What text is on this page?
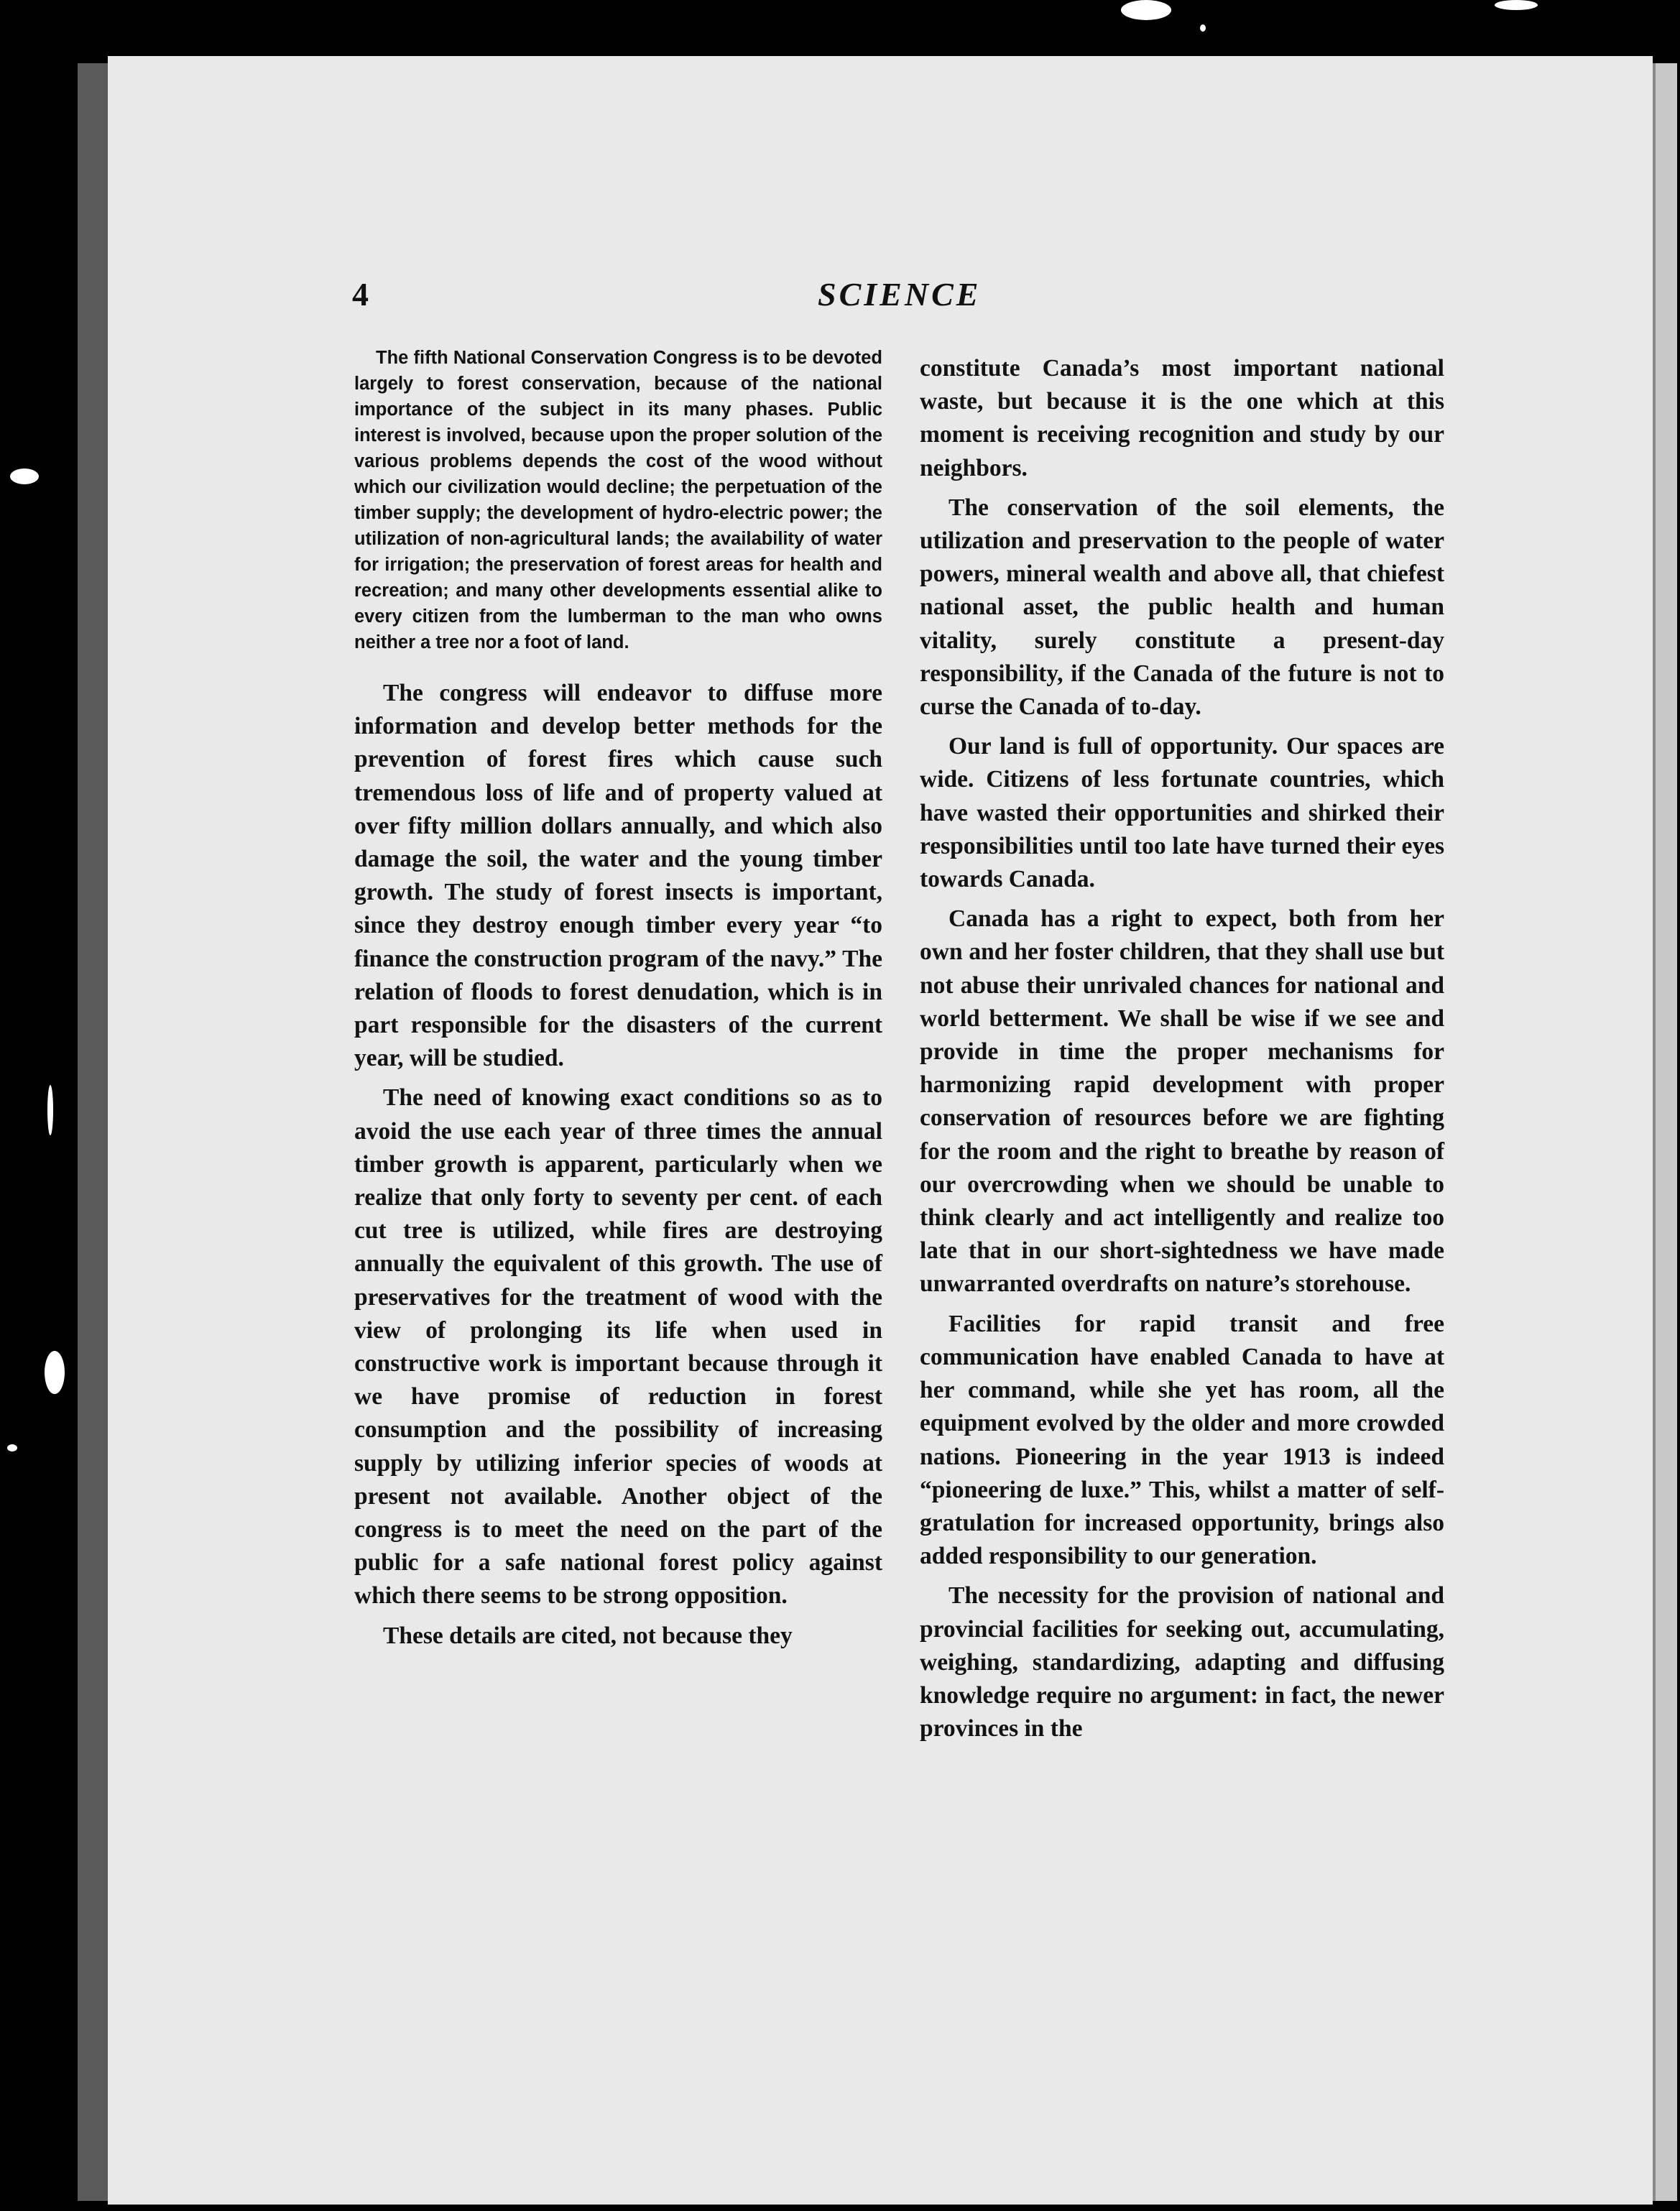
4	SCIENCE

The fifth National Conservation Congress is to be devoted largely to forest conservation, because of the national importance of the subject in its many phases. Public interest is involved, because upon the proper solution of the various problems depends the cost of the wood without which our civilization would decline; the perpetuation of the timber supply; the development of hydro-electric power; the utilization of non-agricultural lands; the availability of water for irrigation; the preservation of forest areas for health and recreation; and many other developments essential alike to every citizen from the lumberman to the man who owns neither a tree nor a foot of land.

The congress will endeavor to diffuse more information and develop better methods for the prevention of forest fires which cause such tremendous loss of life and of property valued at over fifty million dollars annually, and which also damage the soil, the water and the young timber growth. The study of forest insects is important, since they destroy enough timber every year “to finance the construction program of the navy.” The relation of floods to forest denudation, which is in part responsible for the disasters of the current year, will be studied.

The need of knowing exact conditions so as to avoid the use each year of three times the annual timber growth is apparent, particularly when we realize that only forty to seventy per cent. of each cut tree is utilized, while fires are destroying annually the equivalent of this growth. The use of preservatives for the treatment of wood with the view of prolonging its life when used in constructive work is important because through it we have promise of reduction in forest consumption and the possibility of increasing supply by utilizing inferior species of woods at present not available. Another object of the congress is to meet the need on the part of the public for a safe national forest policy against which there seems to be strong opposition.

These details are cited, not because they

constitute Canada’s most important national waste, but because it is the one which at this moment is receiving recognition and study by our neighbors.

The conservation of the soil elements, the utilization and preservation to the people of water powers, mineral wealth and above all, that chiefest national asset, the public health and human vitality, surely constitute a present-day responsibility, if the Canada of the future is not to curse the Canada of to-day.

Our land is full of opportunity. Our spaces are wide. Citizens of less fortunate countries, which have wasted their opportunities and shirked their responsibilities until too late have turned their eyes towards Canada.

Canada has a right to expect, both from her own and her foster children, that they shall use but not abuse their unrivaled chances for national and world betterment. We shall be wise if we see and provide in time the proper mechanisms for harmonizing rapid development with proper conservation of resources before we are fighting for the room and the right to breathe by reason of our overcrowding when we should be unable to think clearly and act intelligently and realize too late that in our short-sightedness we have made unwarranted overdrafts on nature’s storehouse.

Facilities for rapid transit and free communication have enabled Canada to have at her command, while she yet has room, all the equipment evolved by the older and more crowded nations. Pioneering in the year 1913 is indeed “pioneering de luxe.” This, whilst a matter of self-gratulation for increased opportunity, brings also added responsibility to our generation.

The necessity for the provision of national and provincial facilities for seeking out, accumulating, weighing, standardizing, adapting and diffusing knowledge require no argument: in fact, the newer provinces in the
